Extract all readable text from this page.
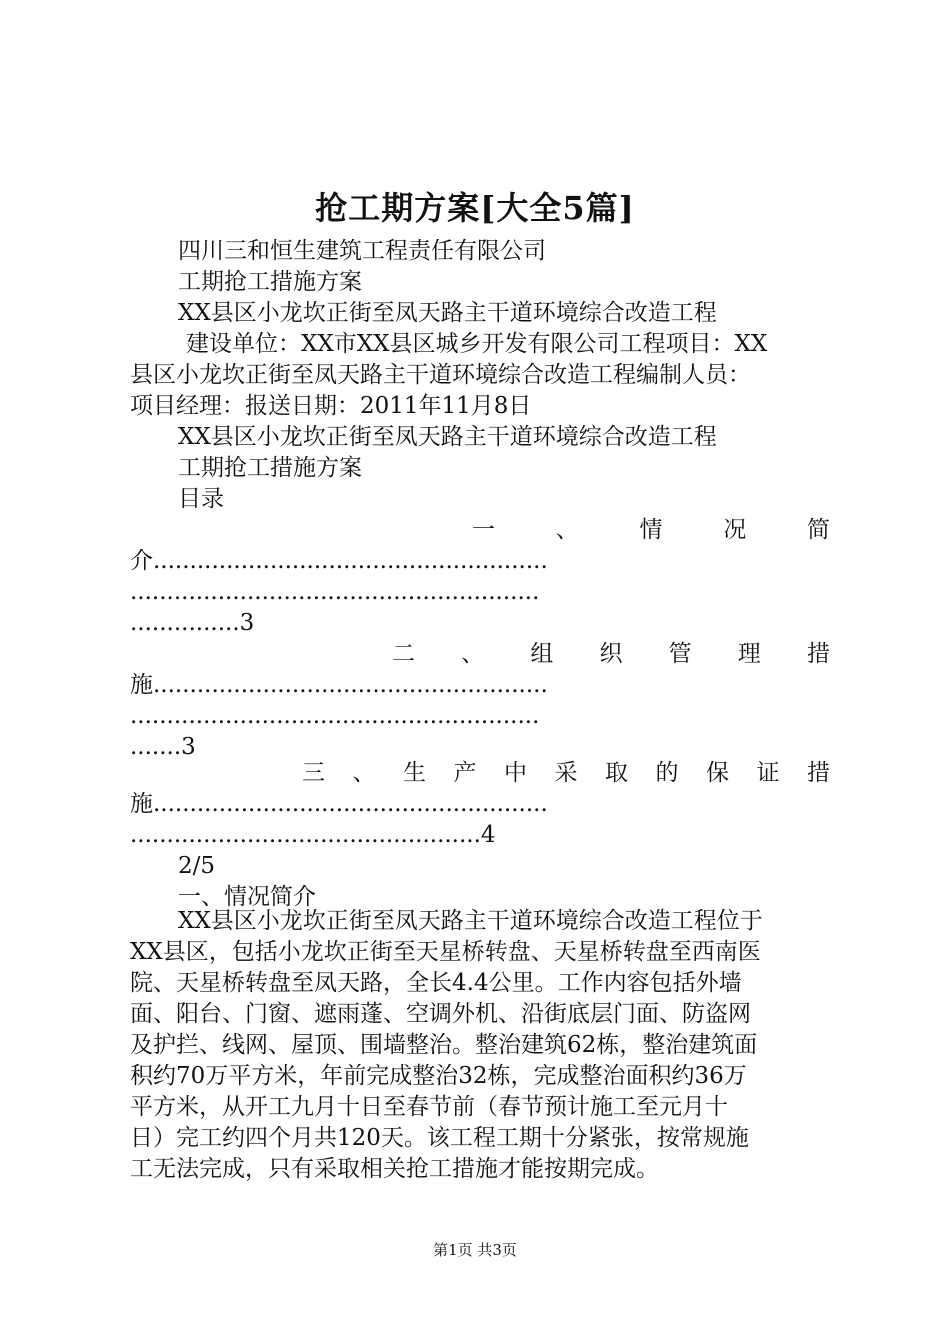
抢工期方案[大全5篇]
四川三和恒生建筑工程责任有限公司
工期抢工措施方案
XX县区小龙坎正街至凤天路主干道环境综合改造工程
建设单位：XX市XX县区城乡开发有限公司工程项目：XX
县区小龙坎正街至凤天路主干道环境综合改造工程编制人员：
项目经理：报送日期：2011年11月8日
XX县区小龙坎正街至凤天路主干道环境综合改造工程
工期抢工措施方案
目录
一	、	情	况	简
介......................................................
........................................................
...............3
二 、 组 织 管 理 措
施......................................................
........................................................
.......3
三 、 生 产 中 采 取 的 保 证 措
施......................................................
................................................4
2/5
一、情况简介
XX县区小龙坎正街至凤天路主干道环境综合改造工程位于
XX县区，包括小龙坎正街至天星桥转盘、天星桥转盘至西南医
院、天星桥转盘至凤天路，全长4.4公里。工作内容包括外墙
面、阳台、门窗、遮雨蓬、空调外机、沿街底层门面、防盗网
及护拦、线网、屋顶、围墙整治。整治建筑62栋，整治建筑面
积约70万平方米，年前完成整治32栋，完成整治面积约36万
平方米，从开工九月十日至春节前（春节预计施工至元月十
日）完工约四个月共120天。该工程工期十分紧张，按常规施
工无法完成，只有采取相关抢工措施才能按期完成。
第1页 共3页
